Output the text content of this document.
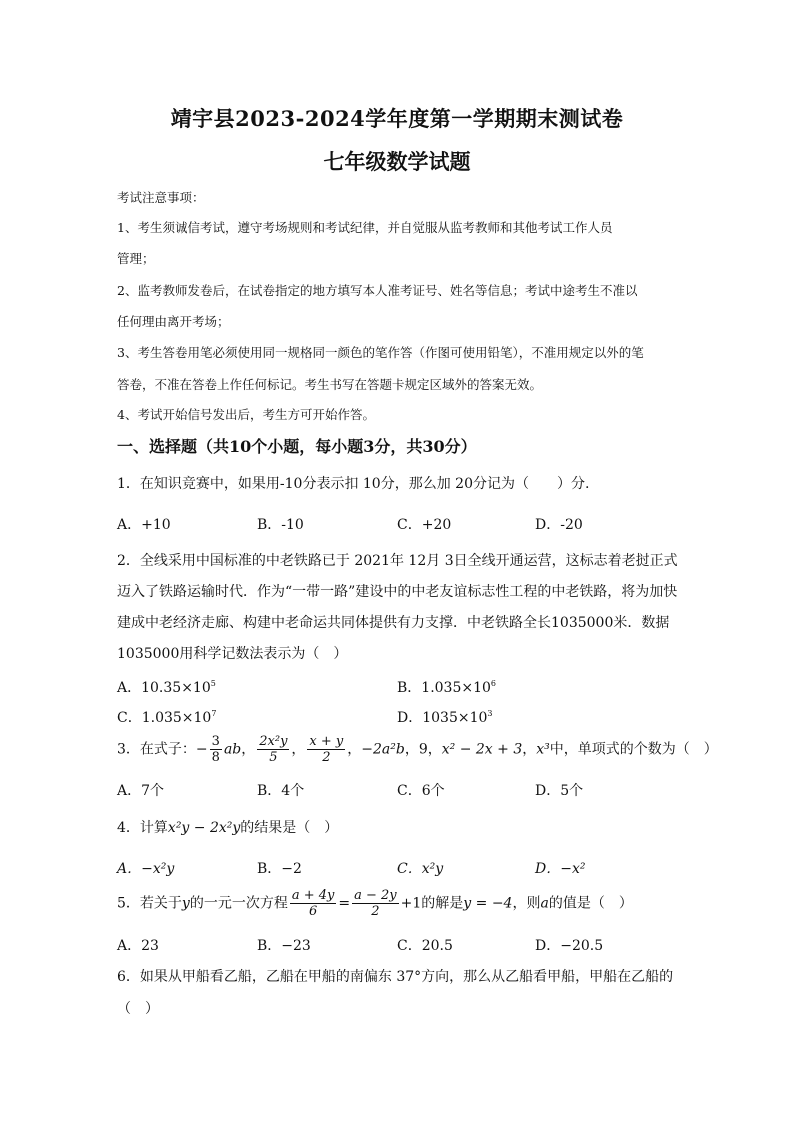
靖宇县2023-2024学年度第一学期期末测试卷
七年级数学试题
考试注意事项：
1、考生须诚信考试，遵守考场规则和考试纪律，并自觉服从监考教师和其他考试工作人员
管理；
2、监考教师发卷后，在试卷指定的地方填写本人准考证号、姓名等信息；考试中途考生不准以
任何理由离开考场；
3、考生答卷用笔必须使用同一规格同一颜色的笔作答（作图可使用铅笔），不准用规定以外的笔
答卷，不准在答卷上作任何标记。考生书写在答题卡规定区域外的答案无效。
4、考试开始信号发出后，考生方可开始作答。
一、选择题（共10个小题，每小题3分，共30分）
1．在知识竞赛中，如果用-10分表示扣 10分，那么加 20分记为（　　）分.
A．+10	B．-10	C．+20	D．-20
2．全线采用中国标准的中老铁路已于 2021年 12月 3日全线开通运营，这标志着老挝正式
迈入了铁路运输时代．作为“一带一路”建设中的中老友谊标志性工程的中老铁路，将为加快
建成中老经济走廊、构建中老命运共同体提供有力支撑．中老铁路全长1035000米．数据
1035000用科学记数法表示为（　）
A．$10.35\times 10^5$	B．$1.035\times 10^6$
C．$1.035\times 10^7$	D．$1035\times 10^3$
3．在式子：− $\frac{3}{8}$ ab， $\frac{\text{2x²y}}{5}$ ， $\frac{x + y}{2}$ ，−2a²b，9，x² − 2x + 3，x³中，单项式的个数为（　）
A．7个	B．4个	C．6个	D．5个
4．计算x²y − 2x²y的结果是（　）
A．−x²y	B．−2	C．x²y	D．−x²
5．若关于y的一元一次方程 $\frac{a + 4y}{6} = \frac{a - 2y}{2} +1$的解是y = −4，则a的值是（　）
A．23	B．−23	C．20.5	D．−20.5
6．如果从甲船看乙船，乙船在甲船的南偏东 37°方向，那么从乙船看甲船，甲船在乙船的
（　）
